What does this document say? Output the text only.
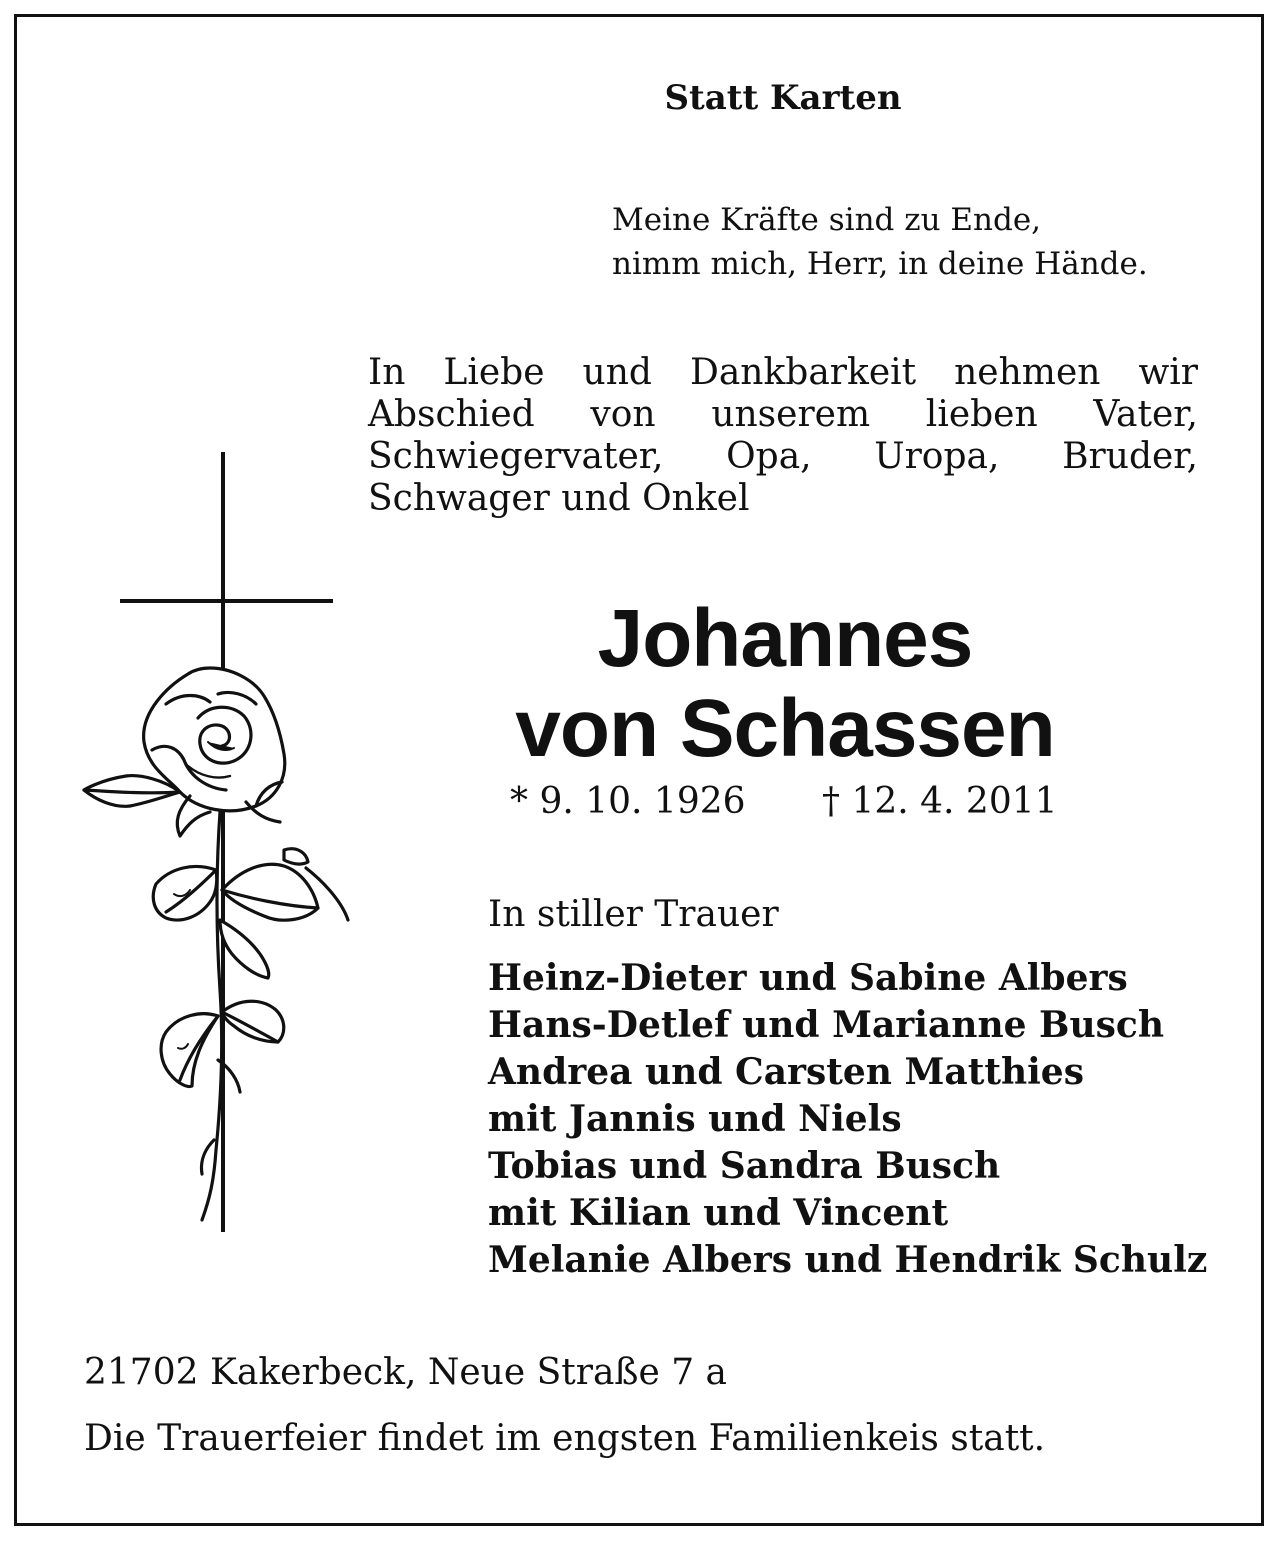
Statt Karten

Meine Kräfte sind zu Ende,
nimm mich, Herr, in deine Hände.

In Liebe und Dankbarkeit nehmen wir Abschied von unserem lieben Vater, Schwiegervater, Opa, Uropa, Bruder, Schwager und Onkel

Johannes
von Schassen
* 9. 10. 1926 † 12. 4. 2011
In stiller Trauer
Heinz-Dieter und Sabine Albers
Hans-Detlef und Marianne Busch
Andrea und Carsten Matthies
mit Jannis und Niels
Tobias und Sandra Busch
mit Kilian und Vincent
Melanie Albers und Hendrik Schulz
21702 Kakerbeck, Neue Straße 7 a
Die Trauerfeier findet im engsten Familienkeis statt.
